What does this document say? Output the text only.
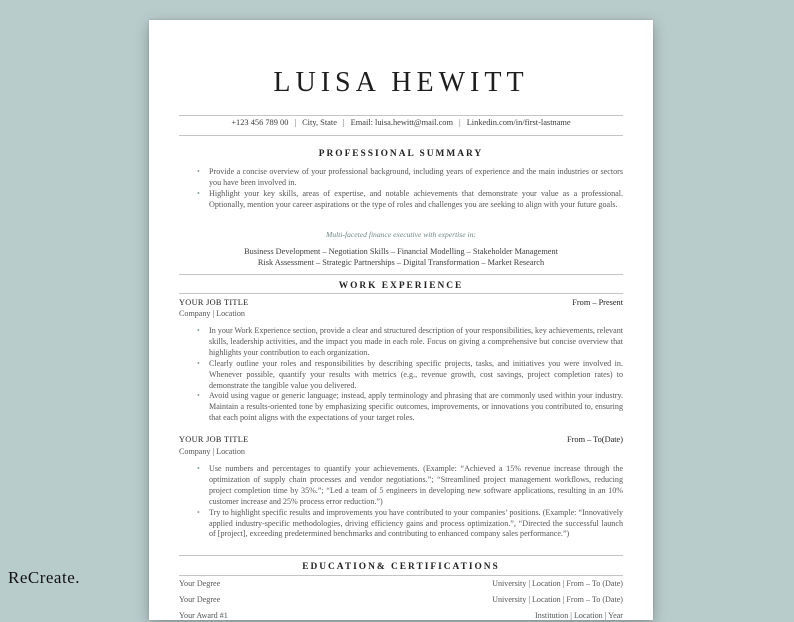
LUISA HEWITT
+123 456 789 00 | City, State | Email: luisa.hewitt@mail.com | Linkedin.com/in/first-lastname
PROFESSIONAL SUMMARY
• Provide a concise overview of your professional background, including years of experience and the main industries or sectors you have been involved in.
• Highlight your key skills, areas of expertise, and notable achievements that demonstrate your value as a professional. Optionally, mention your career aspirations or the type of roles and challenges you are seeking to align with your future goals.
Multi-faceted finance executive with expertise in:
Business Development – Negotiation Skills – Financial Modelling – Stakeholder Management
Risk Assessment – Strategic Partnerships – Digital Transformation – Market Research
WORK EXPERIENCE
YOUR JOB TITLE	From – Present
Company | Location
• In your Work Experience section, provide a clear and structured description of your responsibilities, key achievements, relevant skills, leadership activities, and the impact you made in each role. Focus on giving a comprehensive but concise overview that highlights your contribution to each organization.
• Clearly outline your roles and responsibilities by describing specific projects, tasks, and initiatives you were involved in. Whenever possible, quantify your results with metrics (e.g., revenue growth, cost savings, project completion rates) to demonstrate the tangible value you delivered.
• Avoid using vague or generic language; instead, apply terminology and phrasing that are commonly used within your industry. Maintain a results-oriented tone by emphasizing specific outcomes, improvements, or innovations you contributed to, ensuring that each point aligns with the expectations of your target roles.
YOUR JOB TITLE	From – To(Date)
Company | Location
• Use numbers and percentages to quantify your achievements. (Example: “Achieved a 15% revenue increase through the optimization of supply chain processes and vendor negotiations.”; “Streamlined project management workflows, reducing project completion time by 35%.”; “Led a team of 5 engineers in developing new software applications, resulting in an 10% customer increase and 25% process error reduction.”)
• Try to highlight specific results and improvements you have contributed to your companies’ positions. (Example: “Innovatively applied industry-specific methodologies, driving efficiency gains and process optimization.”, “Directed the successful launch of [project], exceeding predetermined benchmarks and contributing to enhanced company sales performance.”)
EDUCATION& CERTIFICATIONS
Your Degree	University | Location | From – To (Date)
Your Degree	University | Location | From – To (Date)
Your Award #1	Institution | Location | Year
ReCreate.
